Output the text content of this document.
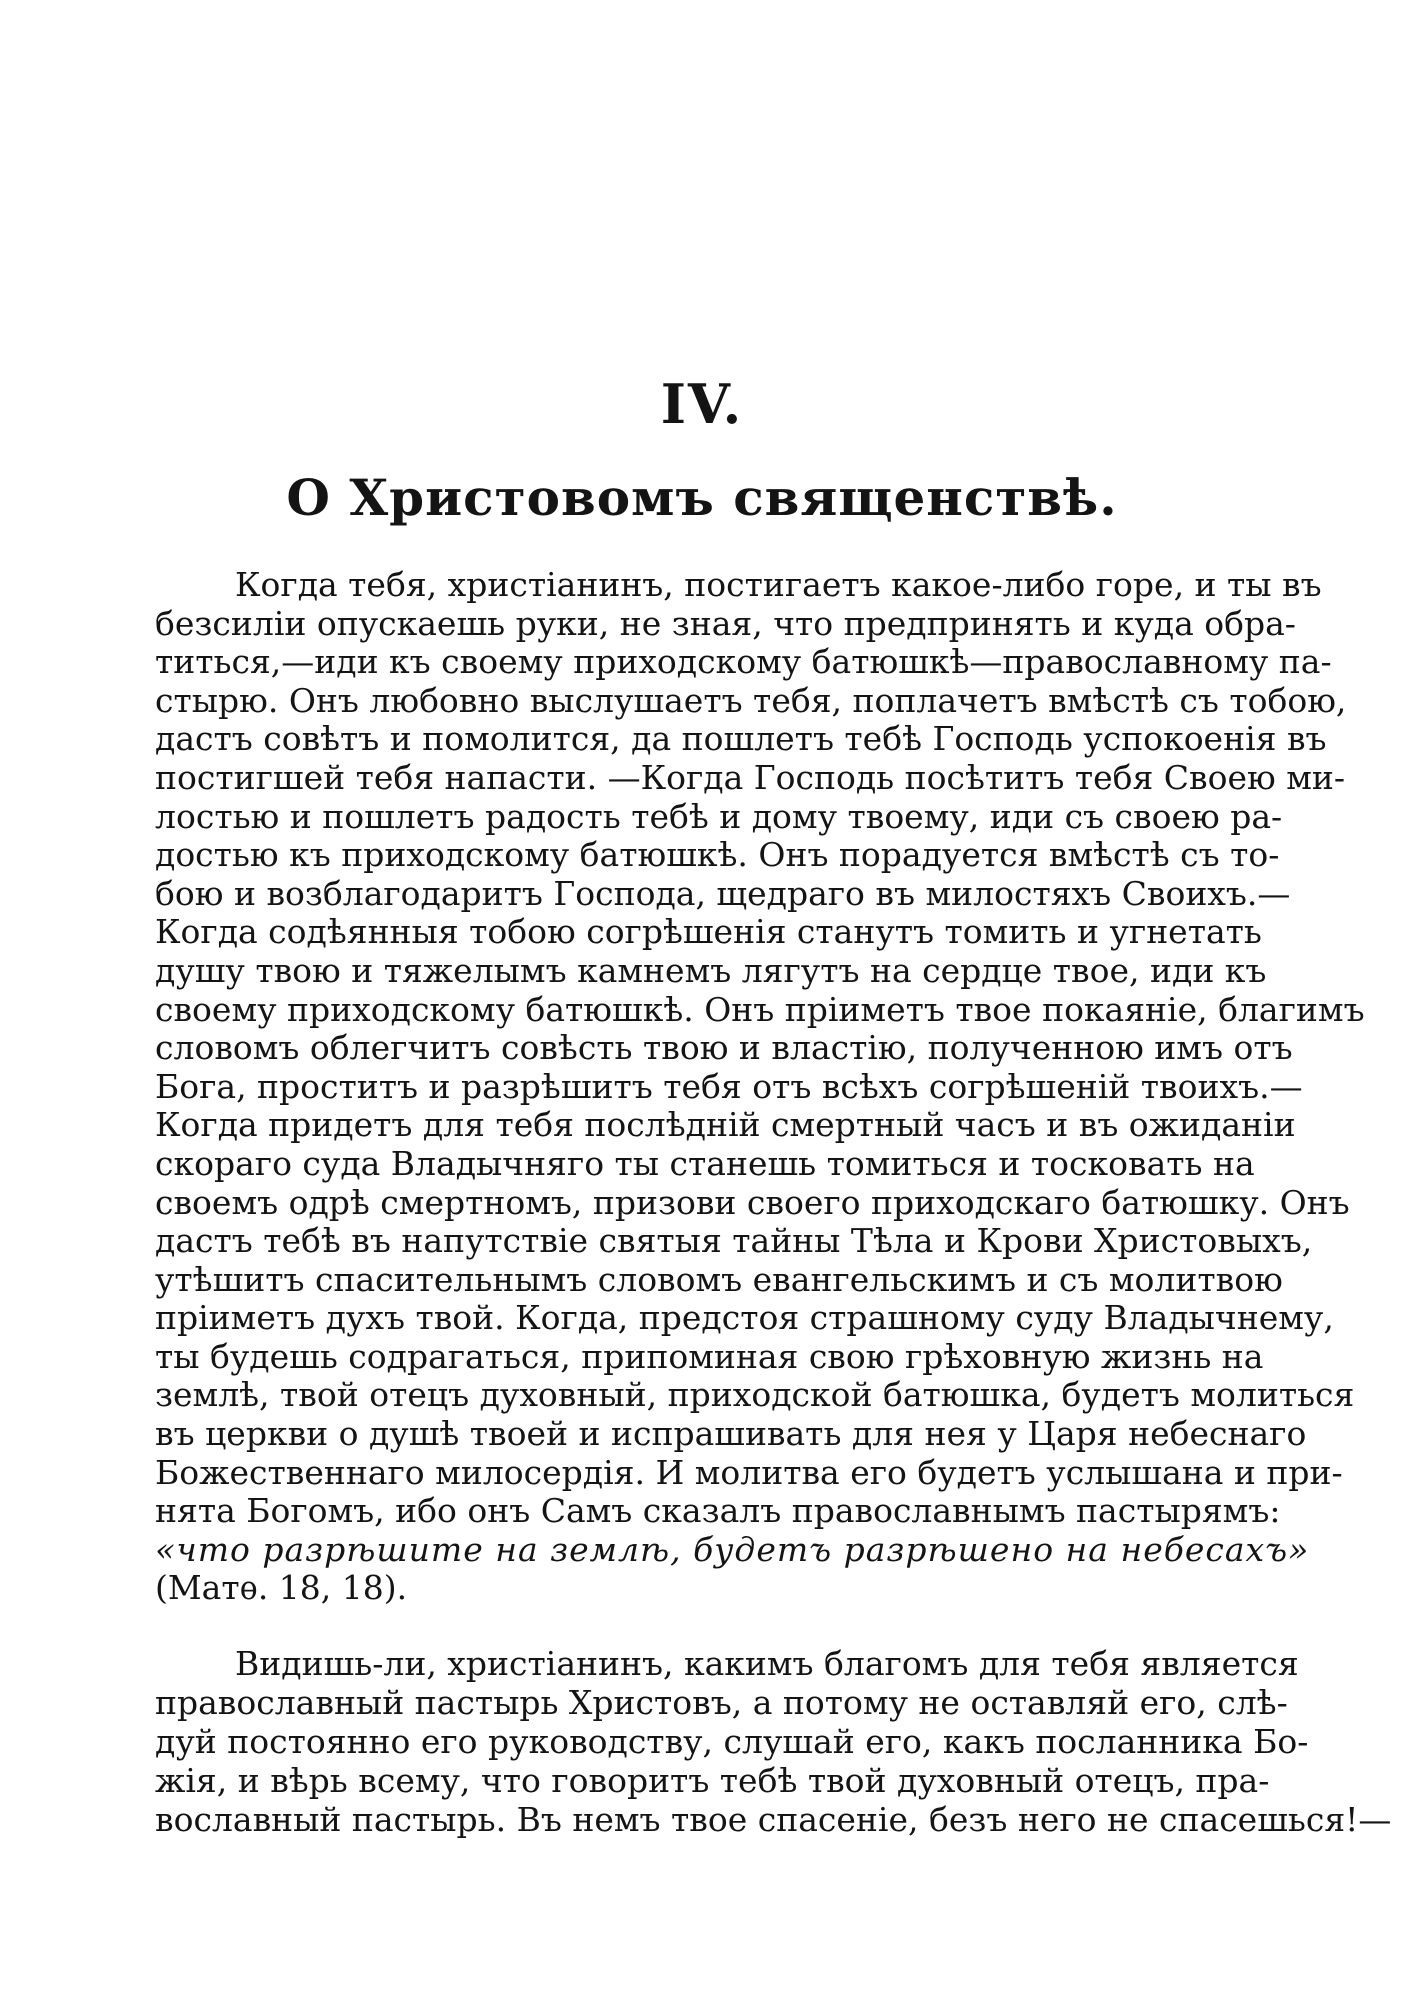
IV.
О Христовомъ священствѣ.
Когда тебя, христіанинъ, постигаетъ какое-либо горе, и ты въ
безсиліи опускаешь руки, не зная, что предпринять и куда обра-
титься,—иди къ своему приходскому батюшкѣ—православному па-
стырю. Онъ любовно выслушаетъ тебя, поплачетъ вмѣстѣ съ тобою,
дастъ совѣтъ и помолится, да пошлетъ тебѣ Господь успокоенія въ
постигшей тебя напасти. —Когда Господь посѣтитъ тебя Своею ми-
лостью и пошлетъ радость тебѣ и дому твоему, иди съ своею ра-
достью къ приходскому батюшкѣ. Онъ порадуется вмѣстѣ съ то-
бою и возблагодаритъ Господа, щедраго въ милостяхъ Своихъ.—
Когда содѣянныя тобою согрѣшенія станутъ томить и угнетать
душу твою и тяжелымъ камнемъ лягутъ на сердце твое, иди къ
своему приходскому батюшкѣ. Онъ пріиметъ твое покаяніе, благимъ
словомъ облегчитъ совѣсть твою и властію, полученною имъ отъ
Бога, проститъ и разрѣшитъ тебя отъ всѣхъ согрѣшеній твоихъ.—
Когда придетъ для тебя послѣдній смертный часъ и въ ожиданіи
скораго суда Владычняго ты станешь томиться и тосковать на
своемъ одрѣ смертномъ, призови своего приходскаго батюшку. Онъ
дастъ тебѣ въ напутствіе святыя тайны Тѣла и Крови Христовыхъ,
утѣшитъ спасительнымъ словомъ евангельскимъ и съ молитвою
пріиметъ духъ твой. Когда, предстоя страшному суду Владычнему,
ты будешь содрагаться, припоминая свою грѣховную жизнь на
землѣ, твой отецъ духовный, приходской батюшка, будетъ молиться
въ церкви о душѣ твоей и испрашивать для нея у Царя небеснаго
Божественнаго милосердія. И молитва его будетъ услышана и при-
нята Богомъ, ибо онъ Самъ сказалъ православнымъ пастырямъ:
«что разрѣшите на землѣ, будетъ разрѣшено на небесахъ»
(Матѳ. 18, 18).
Видишь-ли, христіанинъ, какимъ благомъ для тебя является
православный пастырь Христовъ, а потому не оставляй его, слѣ-
дуй постоянно его руководству, слушай его, какъ посланника Бо-
жія, и вѣрь всему, что говоритъ тебѣ твой духовный отецъ, пра-
вославный пастырь. Въ немъ твое спасеніе, безъ него не спасешься!—
